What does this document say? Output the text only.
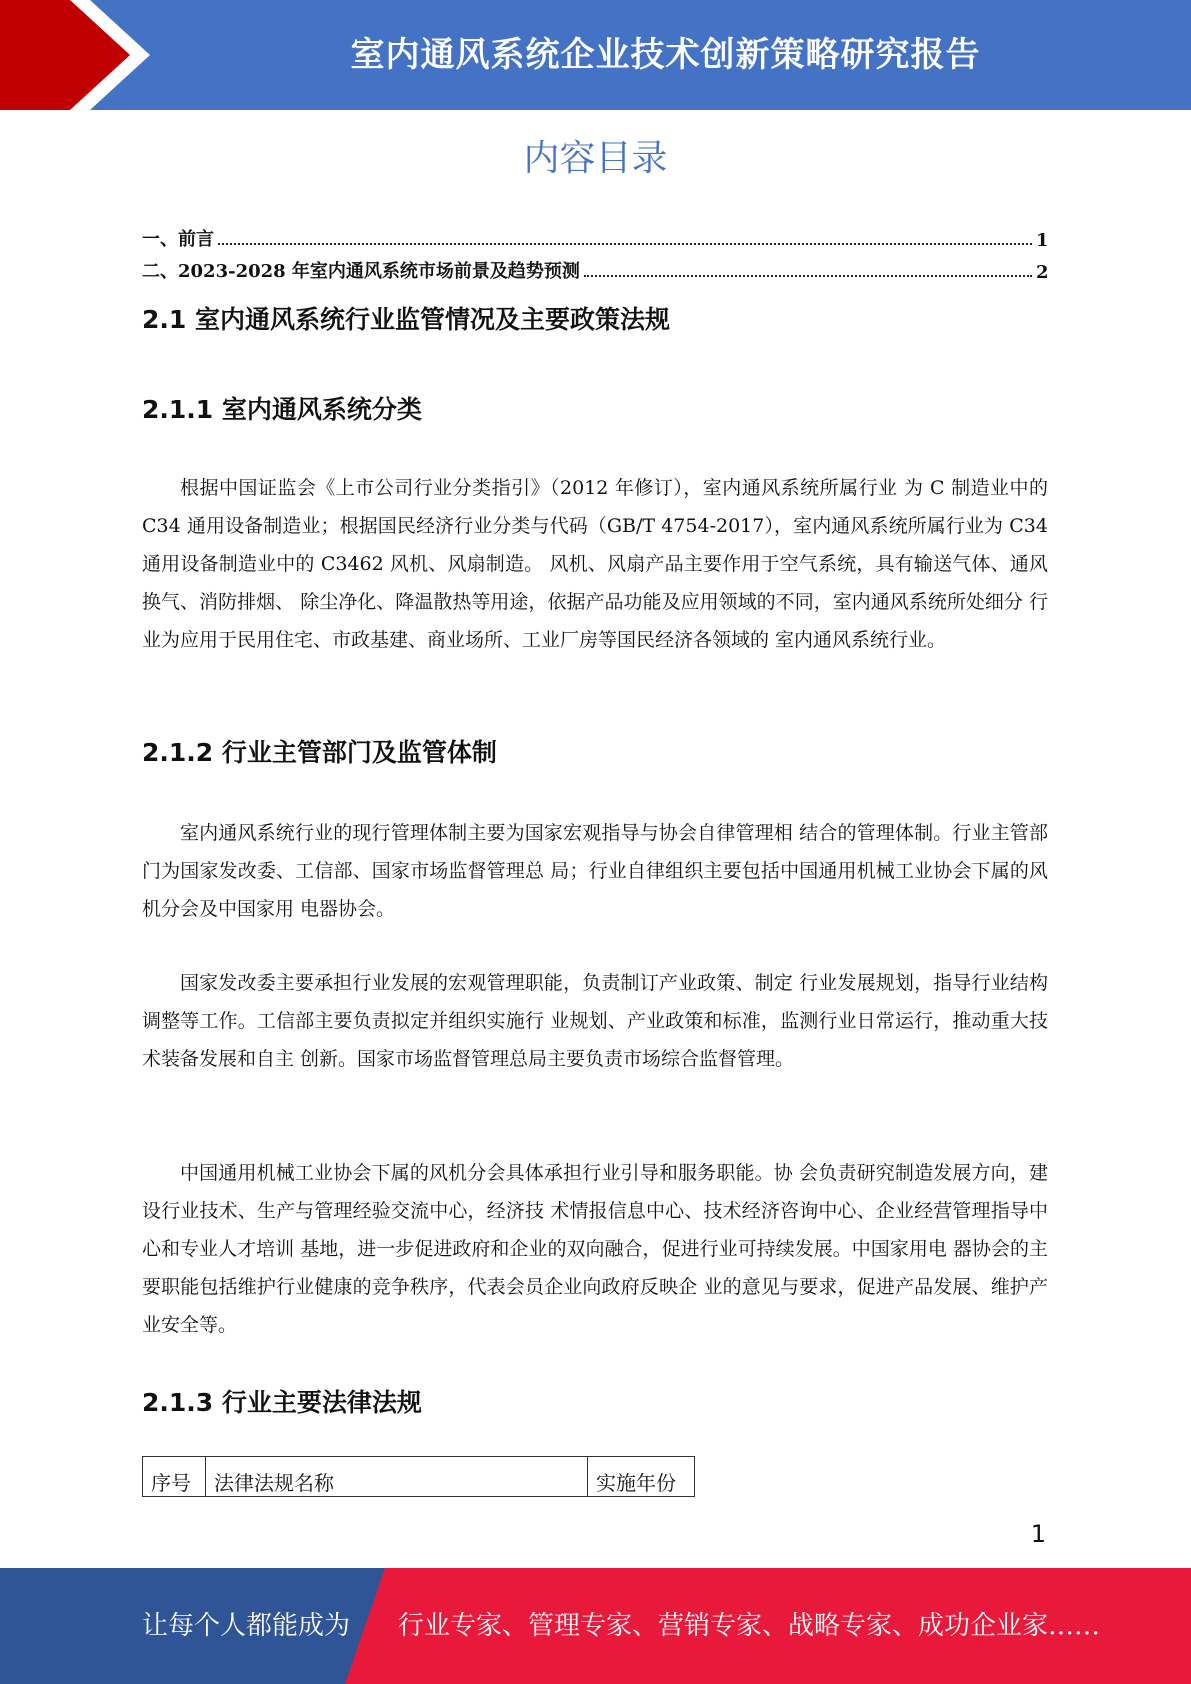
室内通风系统企业技术创新策略研究报告
内容目录
一、前言	1
二、2023-2028 年室内通风系统市场前景及趋势预测	2
2.1 室内通风系统行业监管情况及主要政策法规
2.1.1 室内通风系统分类
根据中国证监会《上市公司行业分类指引》（2012 年修订），室内通风系统所属行业 为 C 制造业中的 C34 通用设备制造业；根据国民经济行业分类与代码（GB/T 4754-2017），室内通风系统所属行业为 C34 通用设备制造业中的 C3462 风机、风扇制造。 风机、风扇产品主要作用于空气系统，具有输送气体、通风换气、消防排烟、 除尘净化、降温散热等用途，依据产品功能及应用领域的不同，室内通风系统所处细分 行业为应用于民用住宅、市政基建、商业场所、工业厂房等国民经济各领域的 室内通风系统行业。
2.1.2 行业主管部门及监管体制
室内通风系统行业的现行管理体制主要为国家宏观指导与协会自律管理相 结合的管理体制。行业主管部门为国家发改委、工信部、国家市场监督管理总 局；行业自律组织主要包括中国通用机械工业协会下属的风机分会及中国家用 电器协会。
国家发改委主要承担行业发展的宏观管理职能，负责制订产业政策、制定 行业发展规划，指导行业结构调整等工作。工信部主要负责拟定并组织实施行 业规划、产业政策和标准，监测行业日常运行，推动重大技术装备发展和自主 创新。国家市场监督管理总局主要负责市场综合监督管理。
中国通用机械工业协会下属的风机分会具体承担行业引导和服务职能。协 会负责研究制造发展方向，建设行业技术、生产与管理经验交流中心，经济技 术情报信息中心、技术经济咨询中心、企业经营管理指导中心和专业人才培训 基地，进一步促进政府和企业的双向融合，促进行业可持续发展。中国家用电 器协会的主要职能包括维护行业健康的竞争秩序，代表会员企业向政府反映企 业的意见与要求，促进产品发展、维护产业安全等。
2.1.3 行业主要法律法规
序号	法律法规名称	实施年份
1
让每个人都能成为 行业专家、管理专家、营销专家、战略专家、成功企业家……
